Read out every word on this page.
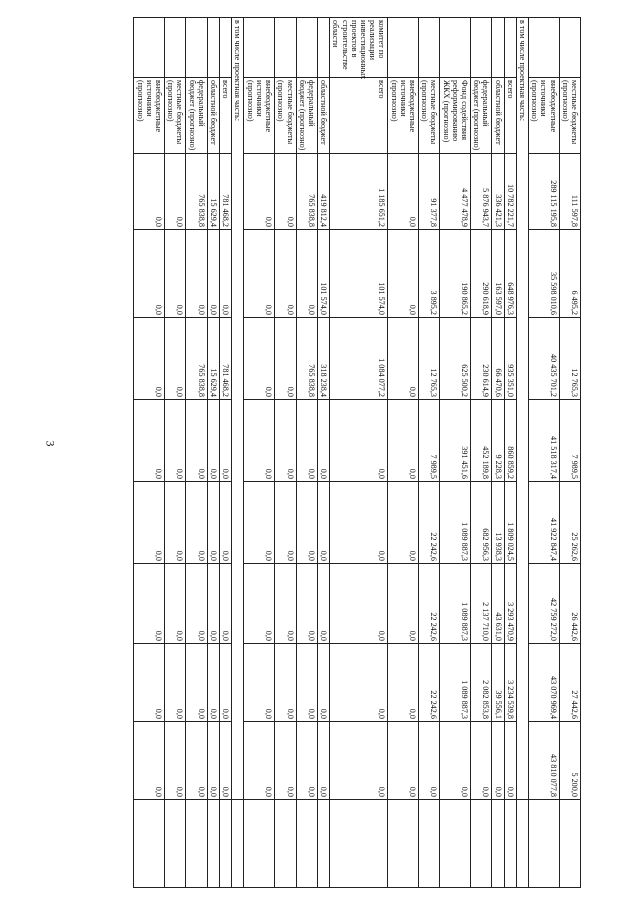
3
	местные бюджеты (прогнозно)	111 597,8	6 495,2	12 765,3	7 989,5	25 262,6	26 442,6	27 442,6	5 200,0	
	внебюджетные источники (прогнозно)	289 115 195,8	35 598 010,6	40 435 701,2	41 518 317,4	41 922 847,4	42 759 272,0	43 070 969,4	43 810 077,8	
в том числе проектная часть:										
	всего	10 782 221,7	648 976,3	935 351,0	860 859,2	1 809 024,5	3 293 470,9	3 234 539,8	0,0	
	областной бюджет	336 421,3	163 597,0	66 470,6	9 228,3	13 938,3	43 631,0	39 556,1	0,0	
	федеральный бюджет (прогнозно)	5 876 943,7	290 618,9	230 614,9	452 189,8	682 956,3	2 137 710,0	2 082 853,8	0,0	
	Фонд содействия реформированию ЖКХ (прогнозно)	4 477 478,9	190 865,2	625 500,2	391 451,6	1 089 887,3	1 089 887,3	1 089 887,3	0,0	
	местные бюджеты (прогнозно)	91 377,8	3 895,2	12 765,3	7 989,5	22 242,6	22 242,6	22 242,6	0,0	
	внебюджетные источники (прогнозно)	0,0	0,0	0,0	0,0	0,0	0,0	0,0	0,0	
комитет по реализации инвестиционных проектов в строительстве области	всего	1 185 651,2	101 574,0	1 084 077,2	0,0	0,0	0,0	0,0	0,0	
	областной бюджет	419 812,4	101 574,0	318 238,4	0,0	0,0	0,0	0,0	0,0	
	федеральный бюджет (прогнозно)	765 838,8	0,0	765 838,8	0,0	0,0	0,0	0,0	0,0	
	местные бюджеты (прогнозно)	0,0	0,0	0,0	0,0	0,0	0,0	0,0	0,0	
	внебюджетные источники (прогнозно)	0,0	0,0	0,0	0,0	0,0	0,0	0,0	0,0	
в том числе проектная часть:										
	всего	781 468,2	0,0	781 468,2	0,0	0,0	0,0	0,0	0,0	
	областной бюджет	15 629,4	0,0	15 629,4	0,0	0,0	0,0	0,0	0,0	
	федеральный бюджет (прогнозно)	765 838,8	0,0	765 838,8	0,0	0,0	0,0	0,0	0,0	
	местные бюджеты (прогнозно)	0,0	0,0	0,0	0,0	0,0	0,0	0,0	0,0	
	внебюджетные источники (прогнозно)	0,0	0,0	0,0	0,0	0,0	0,0	0,0	0,0	
